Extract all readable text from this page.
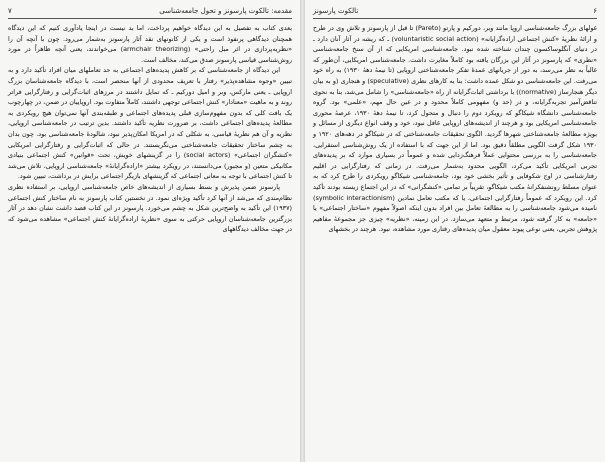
مقدمه: تالکوت پارسونز و تحول جامعه‌شناسی
۷

بعدی کتاب به تفصیل به این دیدگاه خواهیم پرداخت، اما بد نیست در اینجا یادآوری کنیم که این دیدگاه همچنان دیدگاهی پرنفوذ است و یکی از کانونهای نقد آثار پارسونز به‌شمار می‌رود. چون با آنچه آن را «نظریه‌پردازی در اثر مبل راحتی» (armchair theorizing) می‌خواندند، یعنی آنچه ظاهراً در مورد روش‌شناسی قیاسی پارسونز صدق می‌کند، مخالف است.

این دیدگاه از جامعه‌شناسی که بر کاهش پدیده‌های اجتماعی به حد تعاملهای میان افراد تأکید دارد و به تبیین «وجوه مشاهده‌پذیر» رفتار با تعریف محدودی از آنها منحصر است، با دیدگاه جامعه‌شناسان بزرگ اروپایی ـ یعنی مارکس، وبر و امیل دورکیم ـ که تمایل داشتند در مرزهای اثبات‌گرایی و رفتارگرایی فراتر روند و به ماهیت «معنادار» کنش اجتماعی توجهی داشتند، کاملاً متفاوت بود. اروپاییان در ضمن، در چهارچوب یک بافت کلی که بدون مفهوم‌سازی قبلی پدیده‌های اجتماعی و طبقه‌بندی آنها نمی‌توان هیچ رویکردی به مطالعهٔ پدیده‌های اجتماعی داشت، بر ضرورت نظریه تأکید داشتند. بدین ترتیب در جامعه‌شناسی اروپایی، نظریه و آن هم نظریهٔ قیاسی، به شکلی که در امریکا امکان‌پذیر نبود، شالودهٔ جامعه‌شناسی بود. چون بدان به چشم ساختار تحقیقات جامعه‌شناختی می‌نگریستند. در حالی که اثبات‌گرایی و رفتارگرایی امریکایی «کنشگران اجتماعی» (social actors) را در گزینشهای خویش، تحت «قوانین» کنش اجتماعی بنیادی مکانیکی متعین (و مجبور) می‌دانستند، در رویکرد بیشتر «اراده‌گرایانهٔ» جامعه‌شناسی اروپایی، تلاش می‌شد تا کنش اجتماعی با توجه به معانی اجتماعی که گزینشهای بازیگر اجتماعی برایش در برداشت، تبیین شود.

پارسونز ضمن پذیرش و بسط بسیاری از اندیشه‌های خاص جامعه‌شناسی اروپایی، بر استفاده نظری نظام‌مندی که می‌شد از آنها کرد تأکید ویژه‌ای نمود. در نخستین کتاب پارسونز به نام ساختار کنش اجتماعی (۱۹۳۷) این تأکید به واضح‌ترین شکل به چشم می‌خورد. پارسونز در این کتاب قصد داشت نشان دهد در آثار بزرگترین جامعه‌شناسان اروپایی حرکتی به سوی «نظریهٔ اراده‌گرایانهٔ کنش اجتماعی» مشاهده می‌شود که در جهت مخالف دیدگاههای

۶
تالکوت پارسونز

غولهای بزرگ جامعه‌شناسی اروپا مانند وبر، دورکیم و پارتو (Pareto) تا قبل از پارسونز و تلاش وی در طرح و ارائهٔ نظریهٔ «کنش اجتماعی اراده‌گرایانه» (voluntaristic social action) ـ که ریشه در آثار آنان دارد ـ در دنیای آنگلوساکسون چندان شناخته شده نبود. جامعه‌شناسی امریکایی که از آن سنخ جامعه‌شناسی «نظری» که پارسونز در آثار این بزرگان یافته بود کاملاً مغایرت داشت. جامعه‌شناسی امریکایی، آن‌طور که غالباً به نظر می‌رسد، به دور از جریانهای عمدهٔ تفکر جامعه‌شناختی اروپایی (تا نیمهٔ دههٔ ۱۹۳۰) به راه خود می‌رفت. این جامعه‌شناسی دو شکل عمده داشت: بنا به کارهای نظری (speculative) و هنجاری (و به بیان دیگر هنجارساز (normative)) با برداشتی اثبات‌گرایانه از راه «جامعه‌شناسی» را شامل می‌شد، بنا به نحوی تناقض‌آمیز تجربه‌گرایانه، و در (حد و) مفهومی کاملاً محدود و در عین حال مهم، «علمی» بود. گروه جامعه‌شناسی دانشگاه شیکاگو که رویکرد دوم را دنبال و متحول کرد، تا نیمهٔ دههٔ ۱۹۳۰، عرصهٔ محوری جامعه‌شناسی امریکایی بود و هرچند از اندیشه‌های اروپایی غافل نبود، خود و وقف انواع دیگری از مسائل و بویژه مطالعهٔ جامعه‌شناختی شهرها گردید. الگوی تحقیقات جامعه‌شناختی که در شیکاگو در دهه‌های ۱۹۲۰ و ۱۹۳۰ شکل گرفت الگویی مطلقاً دقیق بود. اما از این جهت که با استفاده از یک روش‌شناسی استقرایی، جامعه‌شناسی را به بررسی محتوایی عملاً فرهنگ‌زدایی شده و عموماً در بسیاری موارد که بر پدیده‌های تجربی امریکایی تأکید می‌کرد، الگویی محدود به‌شمار می‌رفت. در زمانی که رفتارگرایی در اقلیم رفتارشناسی در اوج شکوفایی و تأثیر بخشی خود بود، جامعه‌شناسی شیکاگو رویکردی را طرح کرد که به عنوان مسلط رونشنفکرانهٔ مکتب شیکاگو، تقریباً بر تمامی «کنشگرانی» که در این اجتماع زیسته بودند تأکید کرد. این رویکرد که عموماً رفتارگرایی اجتماعی، یا که مکتب تعامل نمادین (symbolic interactionism) نامیده می‌شود جامعه‌شناسی را به مطالعهٔ تعامل بین افراد بدون اینکه اصولاً مفهوم «ساختار اجتماعی» یا «جامعه» به کار گرفته شود، مرتبط و متعهد می‌سازد. در این زمینه، «نظریه» چیزی جز مجموعهٔ مفاهیم پژوهش تجربی، یعنی نوعی پیوند معقول میان پدیده‌های رفتاری مورد مشاهده، نبود. هرچند در بخشهای
